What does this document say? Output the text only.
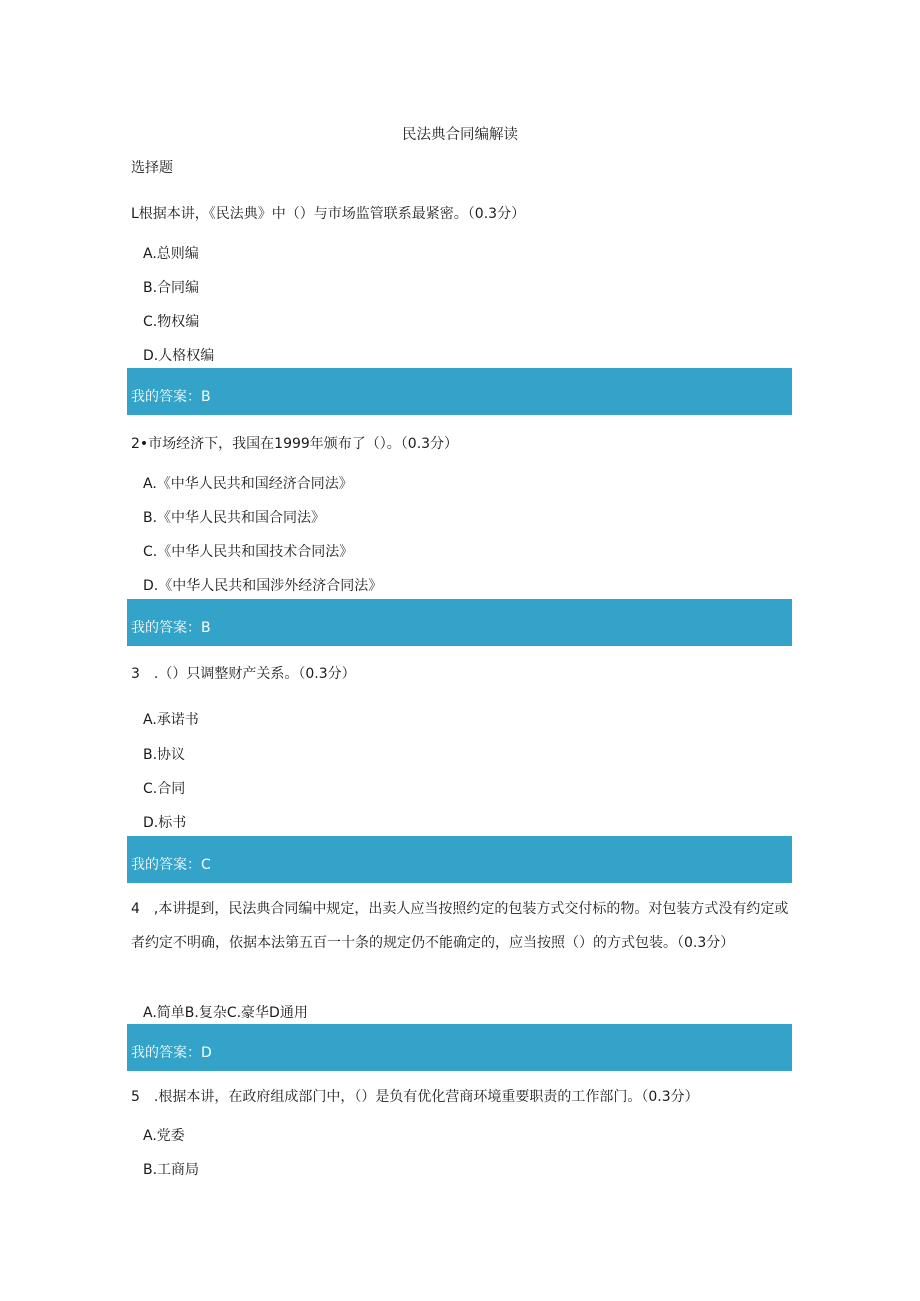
民法典合同编解读
选择题
L根据本讲，《民法典》中（）与市场监管联系最紧密。（0.3分）
A.总则编
B.合同编
C.物权编
D.人格权编
我的答案：B
2•市场经济下，我国在1999年颁布了（）。（0.3分）
A.《中华人民共和国经济合同法》
B.《中华人民共和国合同法》
C.《中华人民共和国技术合同法》
D.《中华人民共和国涉外经济合同法》
我的答案：B
3　.（）只调整财产关系。（0.3分）
A.承诺书
B.协议
C.合同
D.标书
我的答案：C
4　,本讲提到，民法典合同编中规定，出卖人应当按照约定的包装方式交付标的物。对包装方式没有约定或者约定不明确，依据本法第五百一十条的规定仍不能确定的，应当按照（）的方式包装。（0.3分）
A.简单B.复杂C.豪华D通用
我的答案：D
5　.根据本讲，在政府组成部门中，（）是负有优化营商环境重要职责的工作部门。（0.3分）
A.党委
B.工商局
